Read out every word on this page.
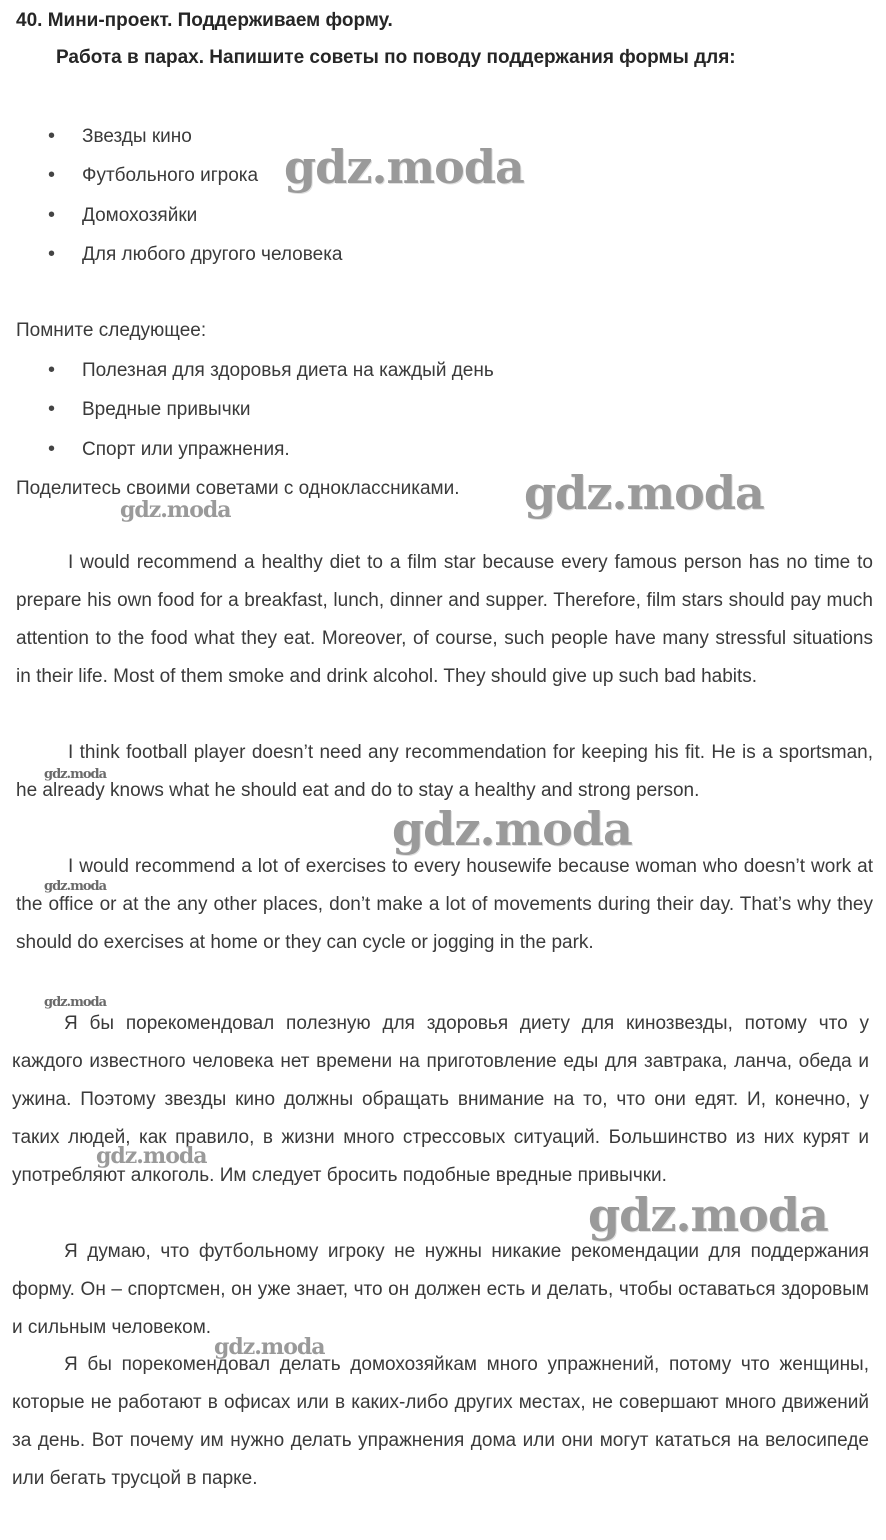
40. Мини-проект. Поддерживаем форму.
Работа в парах. Напишите советы по поводу поддержания формы для:
• Звезды кино
• Футбольного игрока
• Домохозяйки
• Для любого другого человека
Помните следующее:
• Полезная для здоровья диета на каждый день
• Вредные привычки
• Спорт или упражнения.
Поделитесь своими советами с одноклассниками.

I would recommend a healthy diet to a film star because every famous person has no time to prepare his own food for a breakfast, lunch, dinner and supper. Therefore, film stars should pay much attention to the food what they eat. Moreover, of course, such people have many stressful situations in their life. Most of them smoke and drink alcohol. They should give up such bad habits.

I think football player doesn’t need any recommendation for keeping his fit. He is a sportsman, he already knows what he should eat and do to stay a healthy and strong person.

I would recommend a lot of exercises to every housewife because woman who doesn’t work at the office or at the any other places, don’t make a lot of movements during their day. That’s why they should do exercises at home or they can cycle or jogging in the park.

Я бы порекомендовал полезную для здоровья диету для кинозвезды, потому что у каждого известного человека нет времени на приготовление еды для завтрака, ланча, обеда и ужина. Поэтому звезды кино должны обращать внимание на то, что они едят. И, конечно, у таких людей, как правило, в жизни много стрессовых ситуаций. Большинство из них курят и употребляют алкоголь. Им следует бросить подобные вредные привычки.

Я думаю, что футбольному игроку не нужны никакие рекомендации для поддержания форму. Он – спортсмен, он уже знает, что он должен есть и делать, чтобы оставаться здоровым и сильным человеком.

Я бы порекомендовал делать домохозяйкам много упражнений, потому что женщины, которые не работают в офисах или в каких-либо других местах, не совершают много движений за день. Вот почему им нужно делать упражнения дома или они могут кататься на велосипеде или бегать трусцой в парке.

gdz.moda
gdz.moda
gdz.moda
gdz.moda
gdz.moda
gdz.moda
gdz.moda
gdz.moda
gdz.moda
gdz.moda
